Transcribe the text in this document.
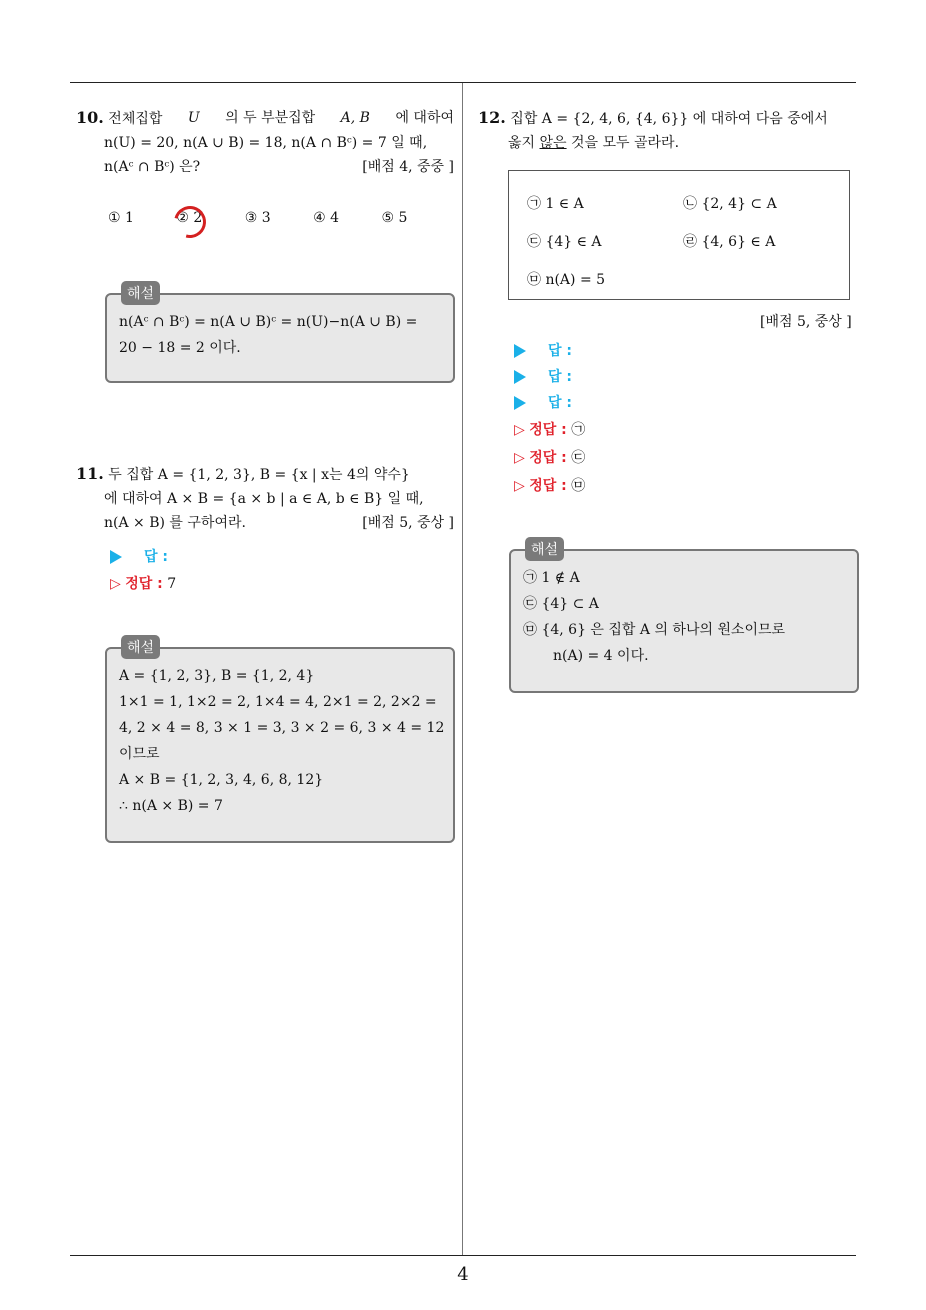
4
10. 전체집합 U 의 두 부분집합 A, B 에 대하여
n(U) = 20, n(A ∪ B) = 18, n(A ∩ Bᶜ) = 7 일 때,
n(Aᶜ ∩ Bᶜ) 은?	[배점 4, 중중 ]
① 1	② 2	③ 3	④ 4	⑤ 5
해설
n(Aᶜ ∩ Bᶜ) = n(A ∪ B)ᶜ = n(U)−n(A ∪ B) =
20 − 18 = 2 이다.
11. 두 집합 A = {1, 2, 3}, B = {x | x는 4의 약수}
에 대하여 A × B = {a × b | a ∈ A, b ∈ B} 일 때,
n(A × B) 를 구하여라.	[배점 5, 중상 ]
답 :
▷ 정답 : 7
해설
A = {1, 2, 3}, B = {1, 2, 4}
1×1 = 1, 1×2 = 2, 1×4 = 4, 2×1 = 2, 2×2 =
4, 2 × 4 = 8, 3 × 1 = 3, 3 × 2 = 6, 3 × 4 = 12
이므로
A × B = {1, 2, 3, 4, 6, 8, 12}
∴ n(A × B) = 7
12. 집합 A = {2, 4, 6, {4, 6}} 에 대하여 다음 중에서
옳지 않은 것을 모두 골라라.
㉠ 1 ∈ A	㉡ {2, 4} ⊂ A
㉢ {4} ∈ A	㉣ {4, 6} ∈ A
㉤ n(A) = 5
[배점 5, 중상 ]
답 :
답 :
답 :
▷ 정답 : ㉠
▷ 정답 : ㉢
▷ 정답 : ㉤
해설
㉠ 1 ∉ A
㉢ {4} ⊂ A
㉤ {4, 6} 은 집합 A 의 하나의 원소이므로
n(A) = 4 이다.
